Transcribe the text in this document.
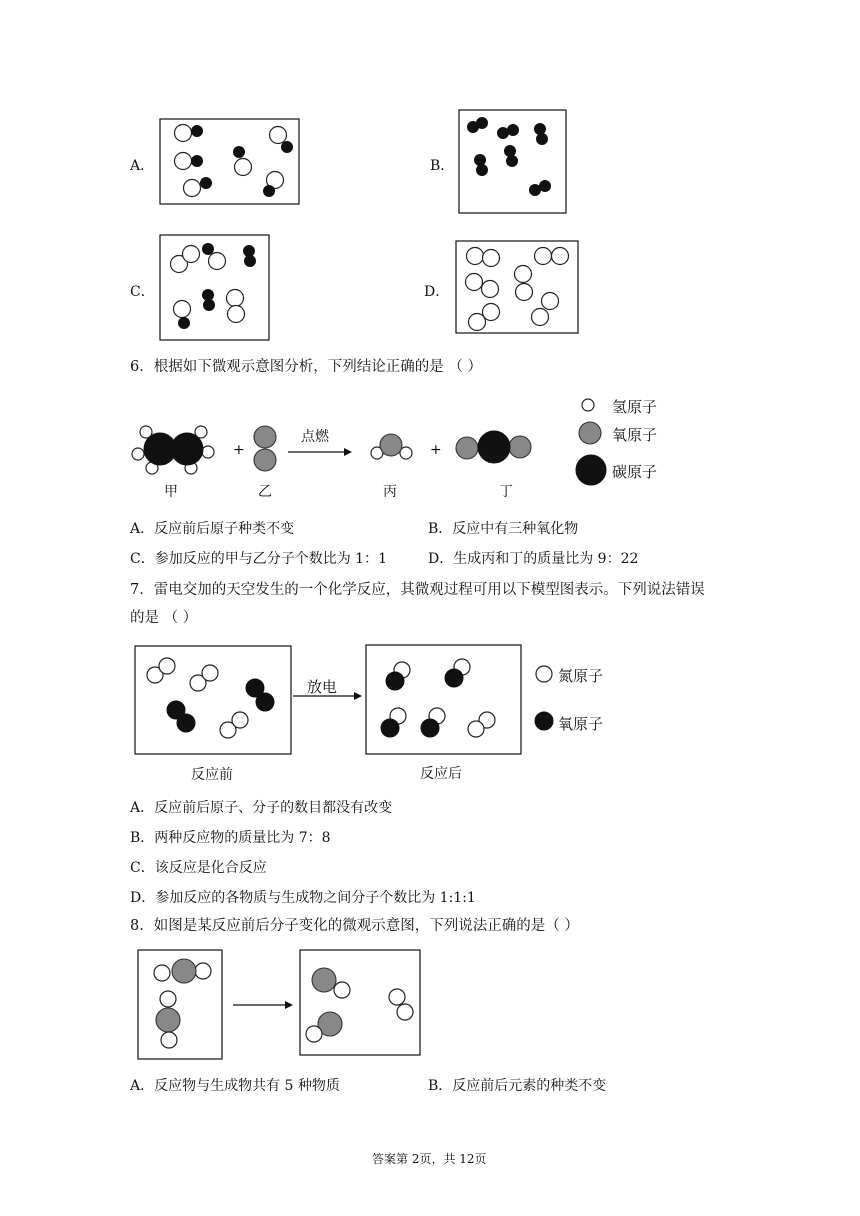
A．	B．
C．	D．
6．根据如下微观示意图分析，下列结论正确的是 （ ）
+	+
点燃
甲	乙	丙	丁
氢原子
氧原子
碳原子
A．反应前后原子种类不变	B．反应中有三种氧化物
C．参加反应的甲与乙分子个数比为 1：1	D．生成丙和丁的质量比为 9：22
7．雷电交加的天空发生的一个化学反应，其微观过程可用以下模型图表示。下列说法错误
的是 （ ）
放电
反应前	反应后
氮原子
氧原子
A．反应前后原子、分子的数目都没有改变
B．两种反应物的质量比为 7：8
C．该反应是化合反应
D．参加反应的各物质与生成物之间分子个数比为 1:1:1
8．如图是某反应前后分子变化的微观示意图，下列说法正确的是（ ）
A．反应物与生成物共有 5 种物质	B．反应前后元素的种类不变
答案第 2页，共 12页
